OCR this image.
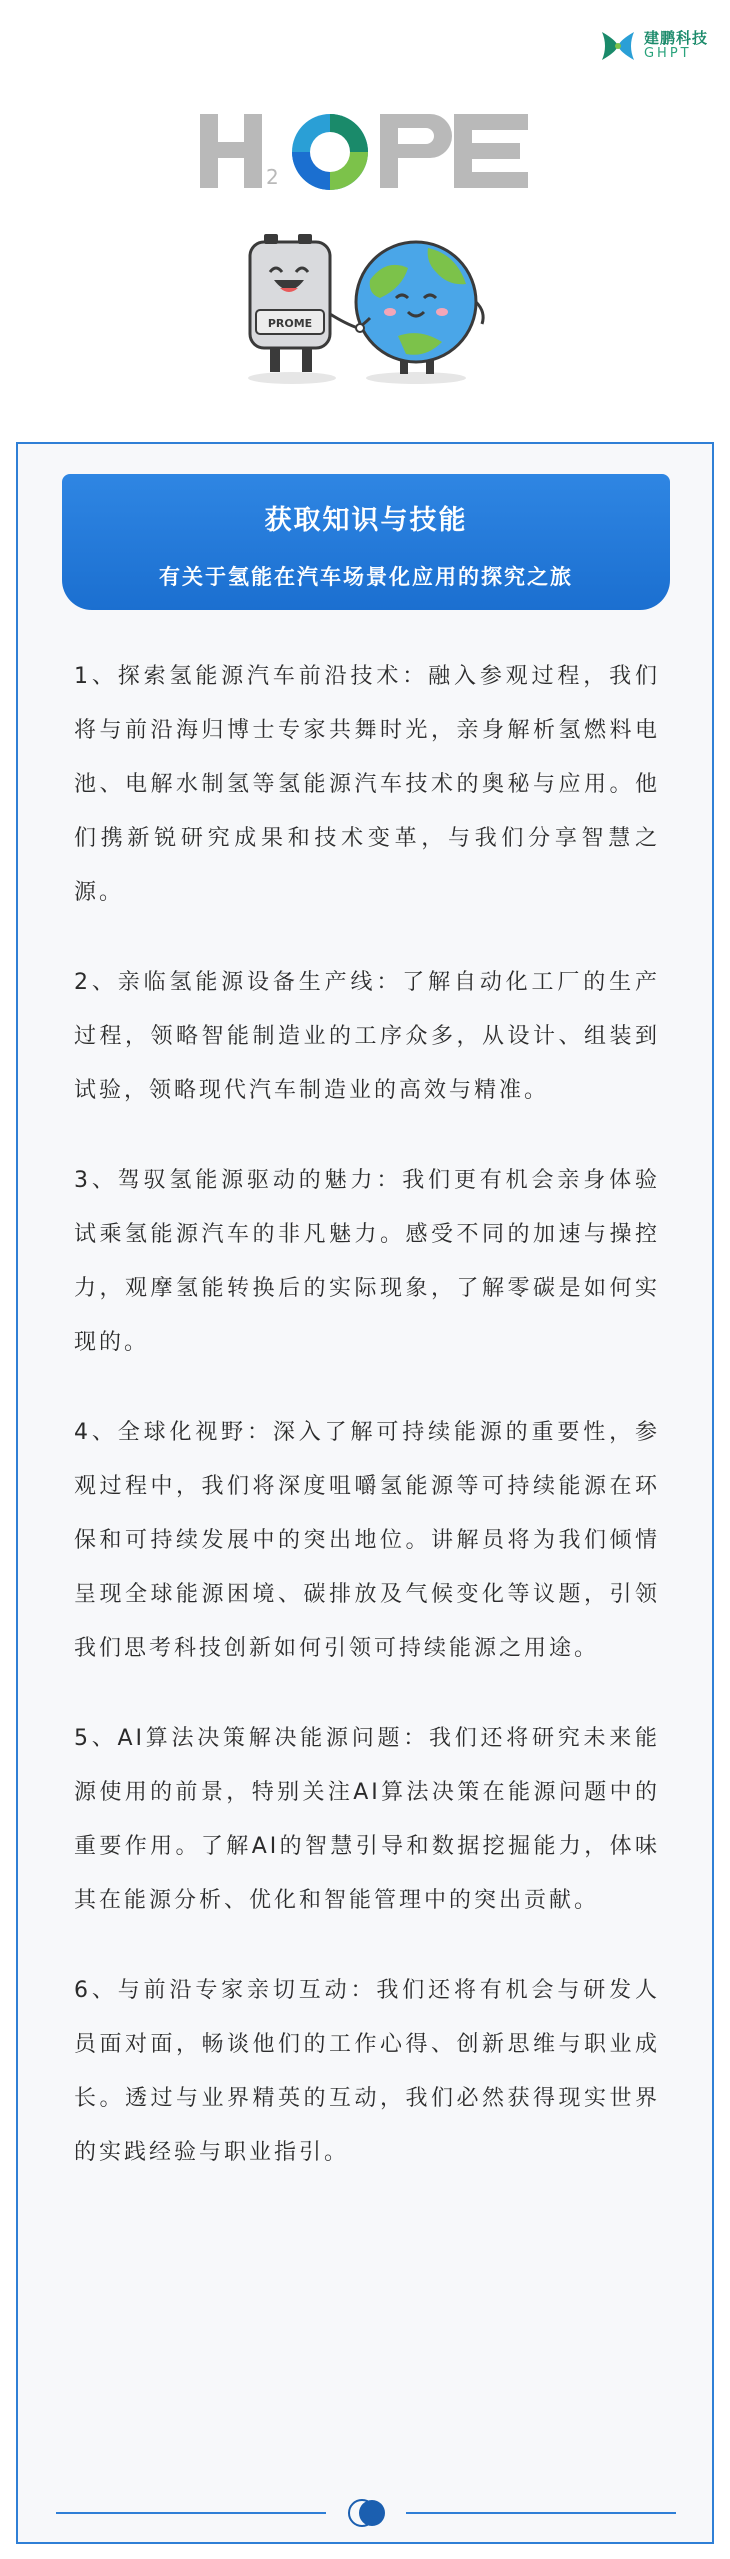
建鹏科技
GHPT
2
PROME
获取知识与技能
有关于氢能在汽车场景化应用的探究之旅

1、探索氢能源汽车前沿技术：融入参观过程，我们将与前沿海归博士专家共舞时光，亲身解析氢燃料电池、电解水制氢等氢能源汽车技术的奥秘与应用。他们携新锐研究成果和技术变革，与我们分享智慧之源。

2、亲临氢能源设备生产线：了解自动化工厂的生产过程，领略智能制造业的工序众多，从设计、组装到试验，领略现代汽车制造业的高效与精准。

3、驾驭氢能源驱动的魅力：我们更有机会亲身体验试乘氢能源汽车的非凡魅力。感受不同的加速与操控力，观摩氢能转换后的实际现象，了解零碳是如何实现的。

4、全球化视野：深入了解可持续能源的重要性，参观过程中，我们将深度咀嚼氢能源等可持续能源在环保和可持续发展中的突出地位。讲解员将为我们倾情呈现全球能源困境、碳排放及气候变化等议题，引领我们思考科技创新如何引领可持续能源之用途。

5、AI算法决策解决能源问题：我们还将研究未来能源使用的前景，特别关注AI算法决策在能源问题中的重要作用。了解AI的智慧引导和数据挖掘能力，体味其在能源分析、优化和智能管理中的突出贡献。

6、与前沿专家亲切互动：我们还将有机会与研发人员面对面，畅谈他们的工作心得、创新思维与职业成长。透过与业界精英的互动，我们必然获得现实世界的实践经验与职业指引。
